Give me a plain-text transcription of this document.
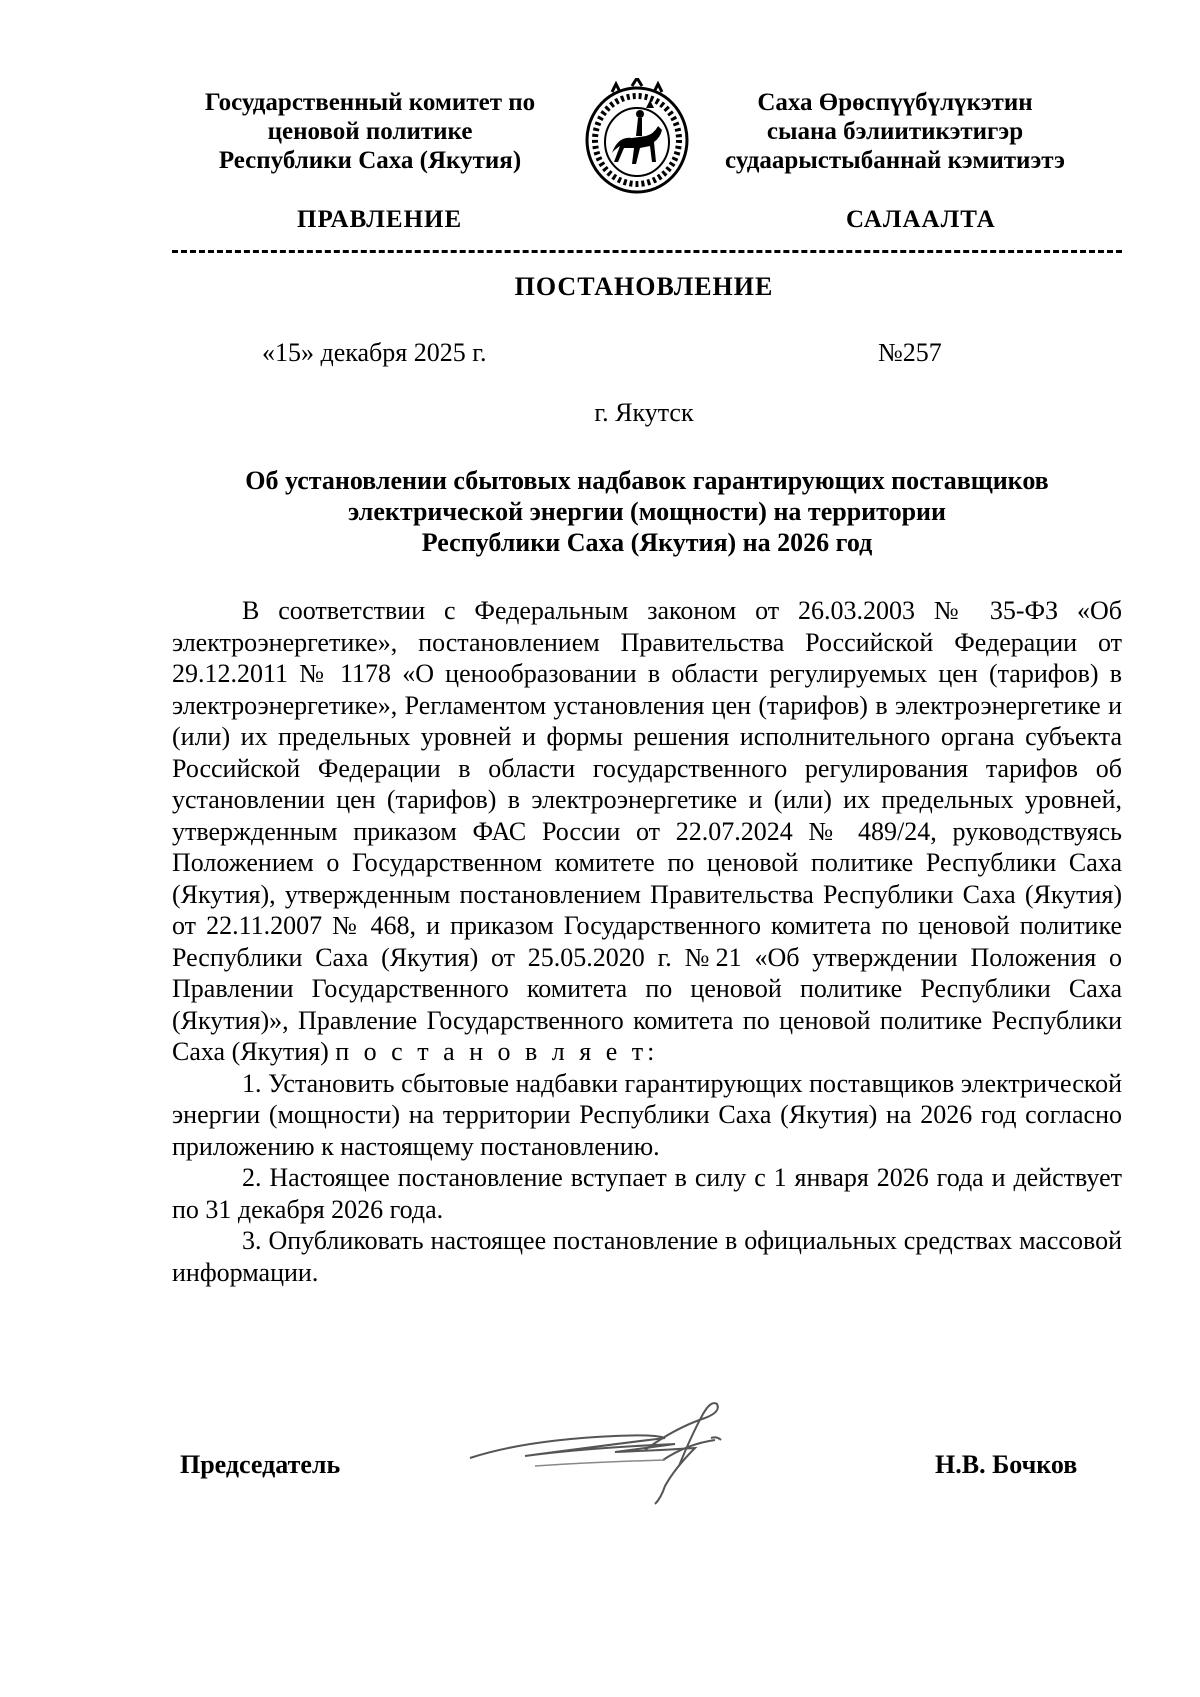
Государственный комитет по
ценовой политике
Республики Саха (Якутия)
Саха Өрөспүүбүлүкэтин
сыана бэлиитикэтигэр
судаарыстыбаннай кэмитиэтэ
ПРАВЛЕНИЕ	САЛААЛТА
ПОСТАНОВЛЕНИЕ
«15» декабря 2025 г.	№257
г. Якутск
Об установлении сбытовых надбавок гарантирующих поставщиков
электрической энергии (мощности) на территории
Республики Саха (Якутия) на 2026 год

В соответствии с Федеральным законом от 26.03.2003 № 35-ФЗ «Об электроэнергетике», постановлением Правительства Российской Федерации от 29.12.2011 № 1178 «О ценообразовании в области регулируемых цен (тарифов) в электроэнергетике», Регламентом установления цен (тарифов) в электроэнергетике и (или) их предельных уровней и формы решения исполнительного органа субъекта Российской Федерации в области государственного регулирования тарифов об установлении цен (тарифов) в электроэнергетике и (или) их предельных уровней, утвержденным приказом ФАС России от 22.07.2024 № 489/24, руководствуясь Положением о Государственном комитете по ценовой политике Республики Саха (Якутия), утвержденным постановлением Правительства Республики Саха (Якутия) от 22.11.2007 № 468, и приказом Государственного комитета по ценовой политике Республики Саха (Якутия) от 25.05.2020 г. №21 «Об утверждении Положения о Правлении Государственного комитета по ценовой политике Республики Саха (Якутия)», Правление Государственного комитета по ценовой политике Республики Саха (Якутия) п о с т а н о в л я е т:

1. Установить сбытовые надбавки гарантирующих поставщиков электрической энергии (мощности) на территории Республики Саха (Якутия) на 2026 год согласно приложению к настоящему постановлению.

2. Настоящее постановление вступает в силу с 1 января 2026 года и действует по 31 декабря 2026 года.

3. Опубликовать настоящее постановление в официальных средствах массовой информации.

Председатель	Н.В. Бочков
